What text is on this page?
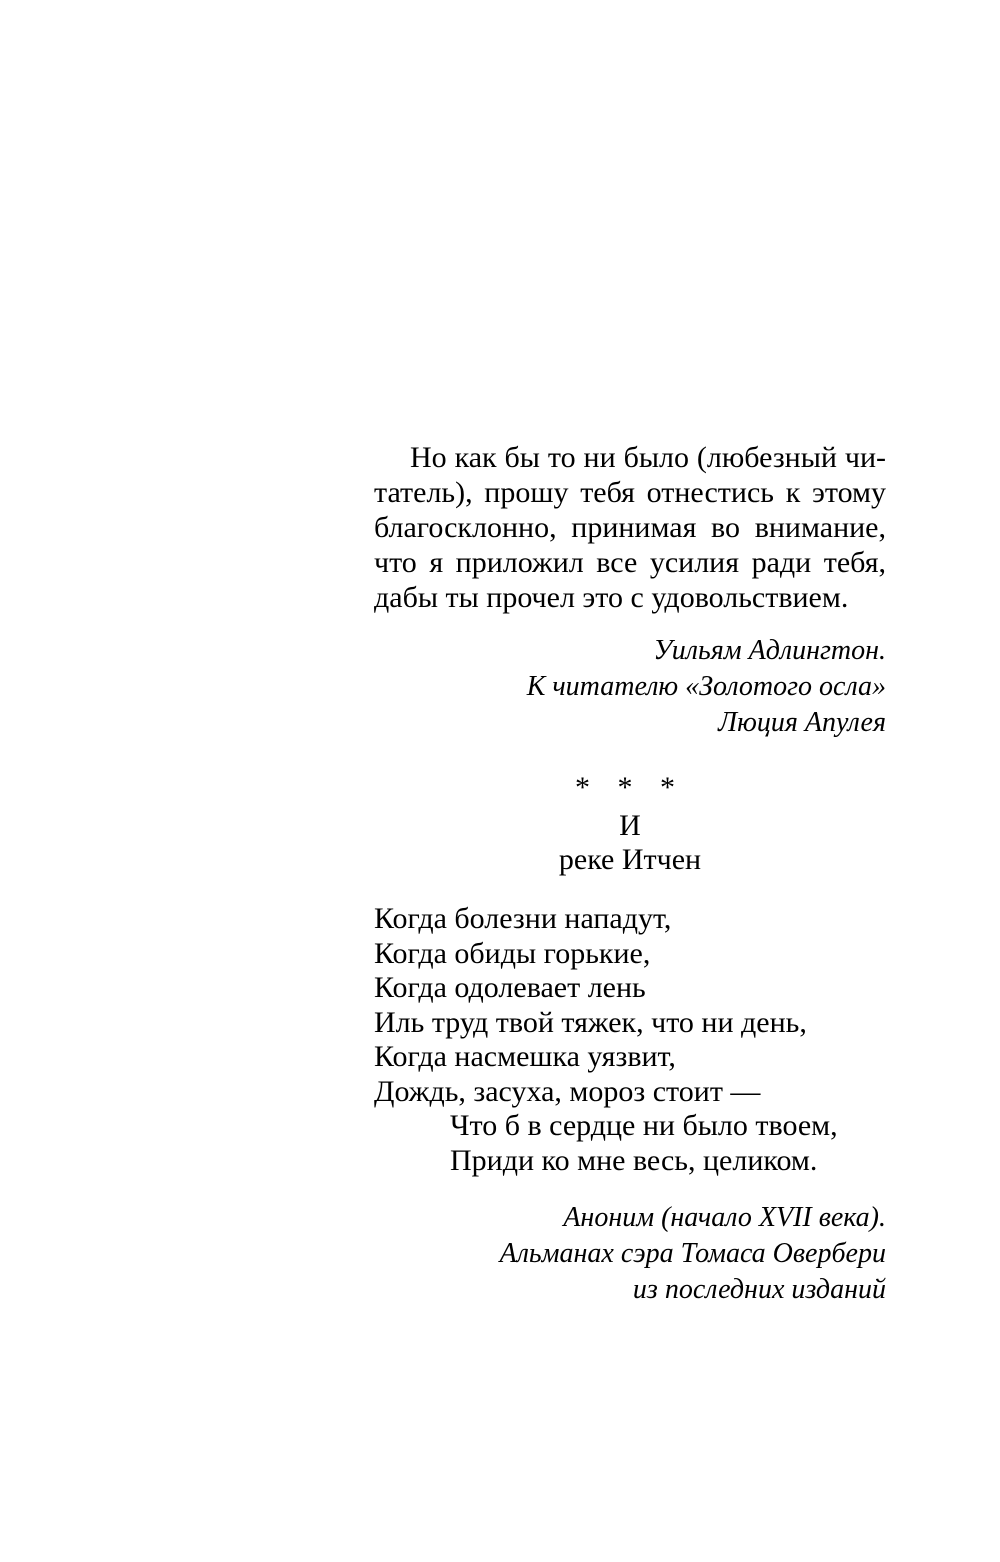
Но как бы то ни было (любезный чи-
татель), прошу тебя отнестись к этому
благосклонно, принимая во внимание,
что я приложил все усилия ради тебя,
дабы ты прочел это с удовольствием.

Уильям Адлингтон.
К читателю «Золотого осла»
Люция Апулея
* * *
И
реке Итчен
Когда болезни нападут,
Когда обиды горькие,
Когда одолевает лень
Иль труд твой тяжек, что ни день,
Когда насмешка уязвит,
Дождь, засуха, мороз стоит —
Что б в сердце ни было твоем,
Приди ко мне весь, целиком.
Аноним (начало XVII века).
Альманах сэра Томаса Овербери
из последних изданий
